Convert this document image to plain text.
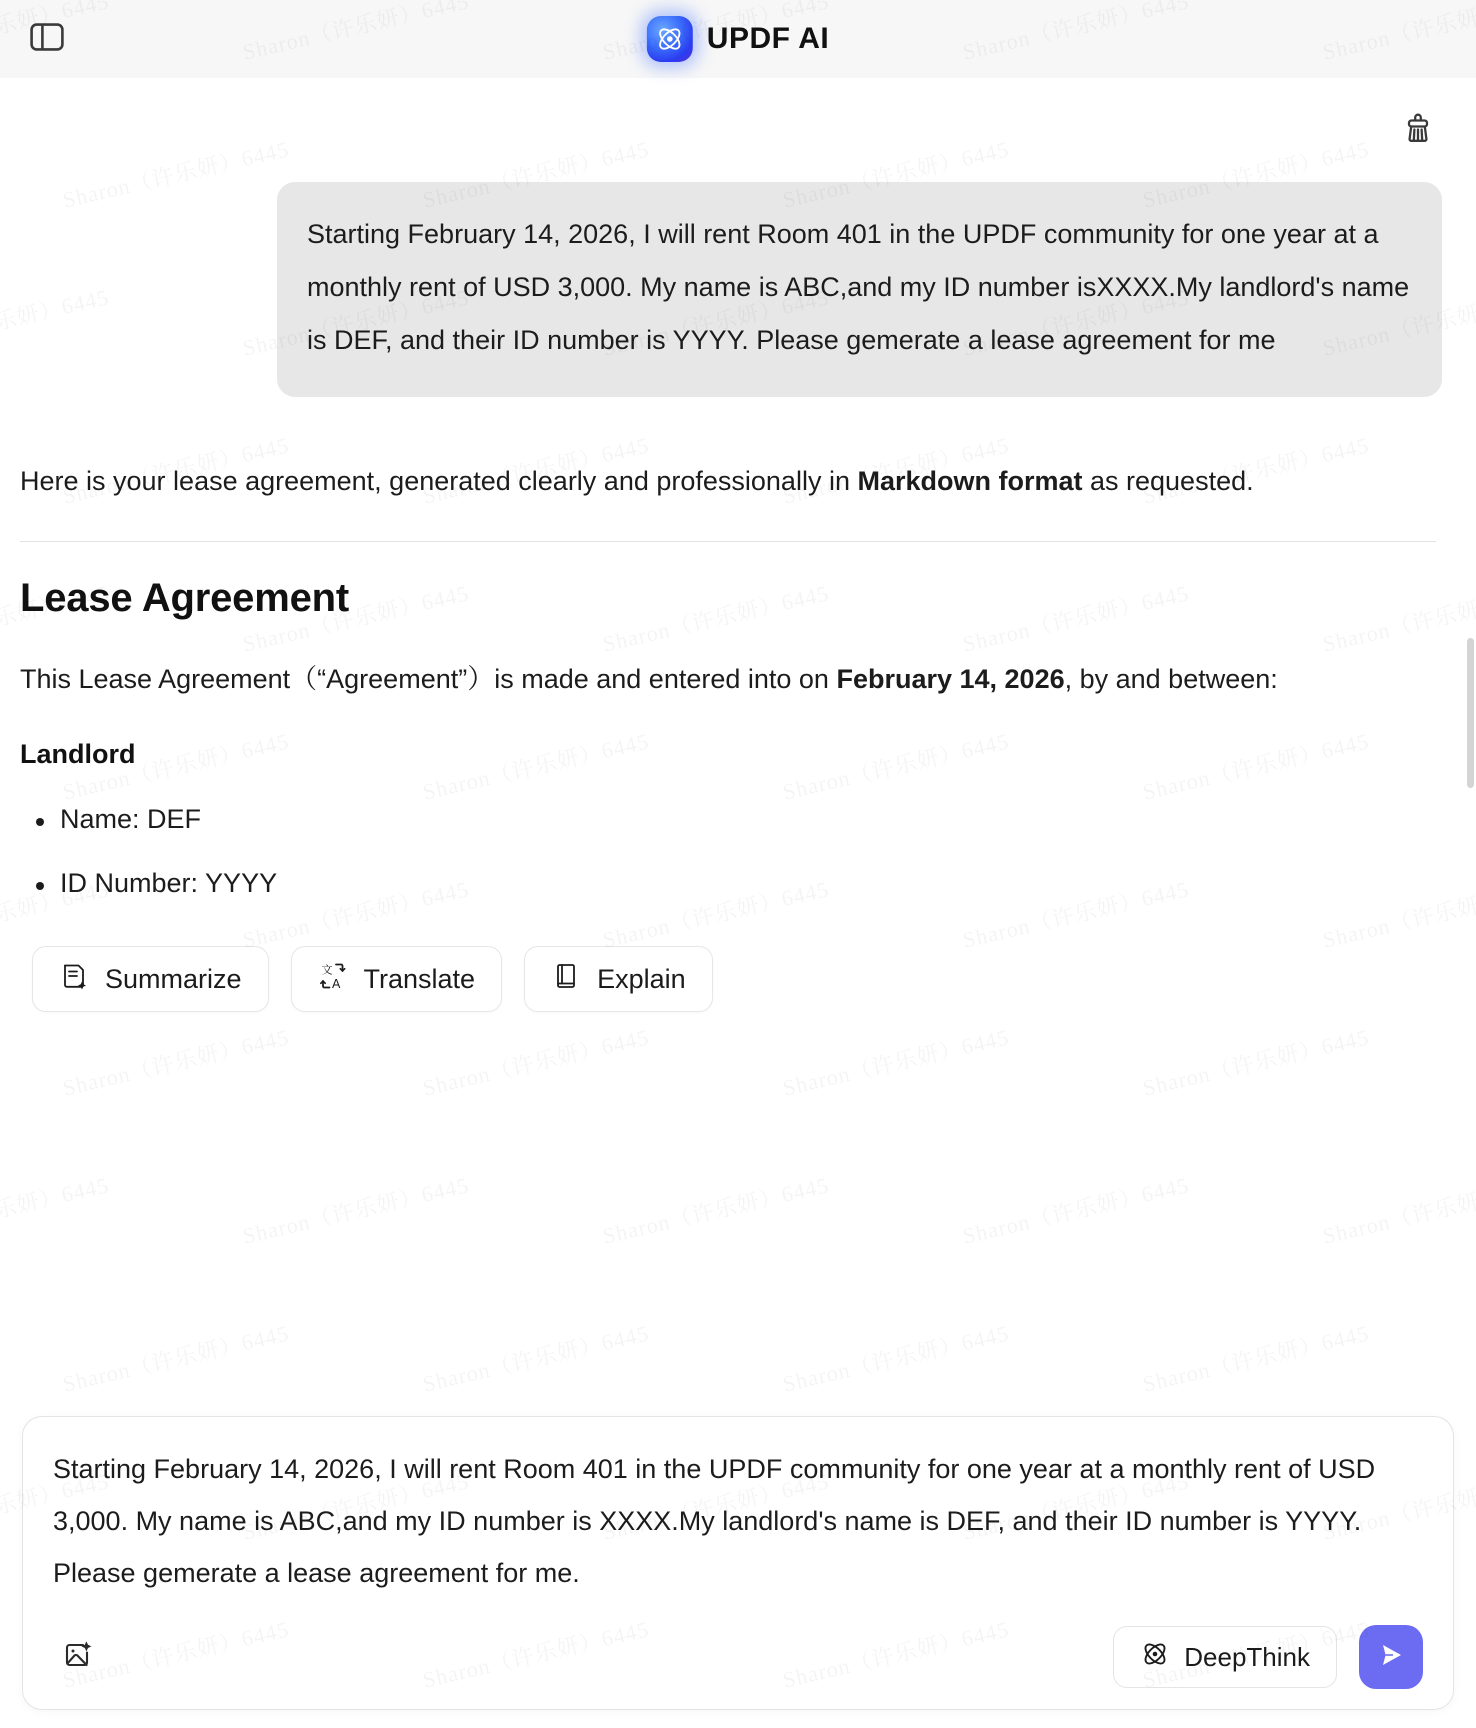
UPDF AI
Starting February 14, 2026, I will rent Room 401 in the UPDF community for one year at a monthly rent of USD 3,000. My name is ABC,and my ID number isXXXX.My landlord's name is DEF, and their ID number is YYYY. Please gemerate a lease agreement for me

Here is your lease agreement, generated clearly and professionally in Markdown format as requested.

Lease Agreement

This Lease Agreement（“Agreement”）is made and entered into on February 14, 2026, by and between:

Landlord
Name: DEF
ID Number: YYYY
Summarize	文
A Translate	Explain
Starting February 14, 2026, I will rent Room 401 in the UPDF community for one year at a monthly rent of USD 3,000. My name is ABC,and my ID number is XXXX.My landlord's name is DEF, and their ID number is YYYY. Please gemerate a lease agreement for me.
DeepThink
